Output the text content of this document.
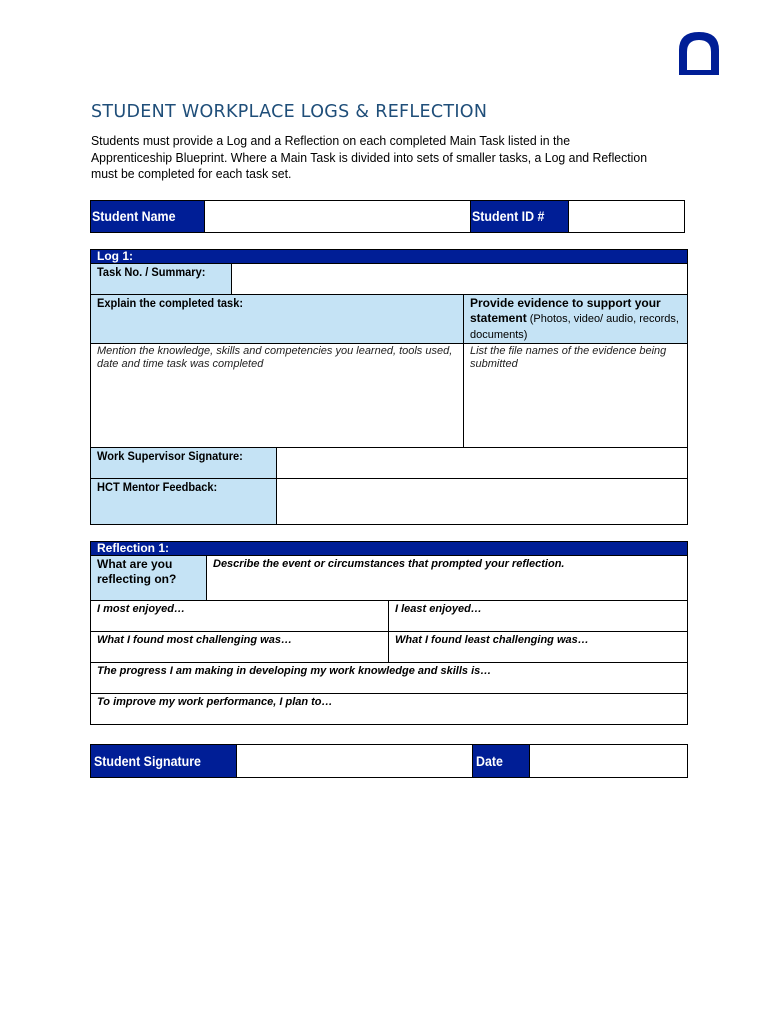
STUDENT WORKPLACE LOGS & REFLECTION
Students must provide a Log and a Reflection on each completed Main Task listed in the Apprenticeship Blueprint. Where a Main Task is divided into sets of smaller tasks, a Log and Reflection must be completed for each task set.
Student Name		Student ID #	
Log 1:			
Task No. / Summary:			
Explain the completed task:			Provide evidence to support your statement (Photos, video/ audio, records, documents)
Mention the knowledge, skills and competencies you learned, tools used, date and time task was completed			List the file names of the evidence being submitted
Work Supervisor Signature:			
HCT Mentor Feedback:			
Reflection 1:		
What are you reflecting on?	Describe the event or circumstances that prompted your reflection.	
I most enjoyed…		I least enjoyed…
What I found most challenging was…		What I found least challenging was…
The progress I am making in developing my work knowledge and skills is…		
To improve my work performance, I plan to…		
Student Signature		Date	
